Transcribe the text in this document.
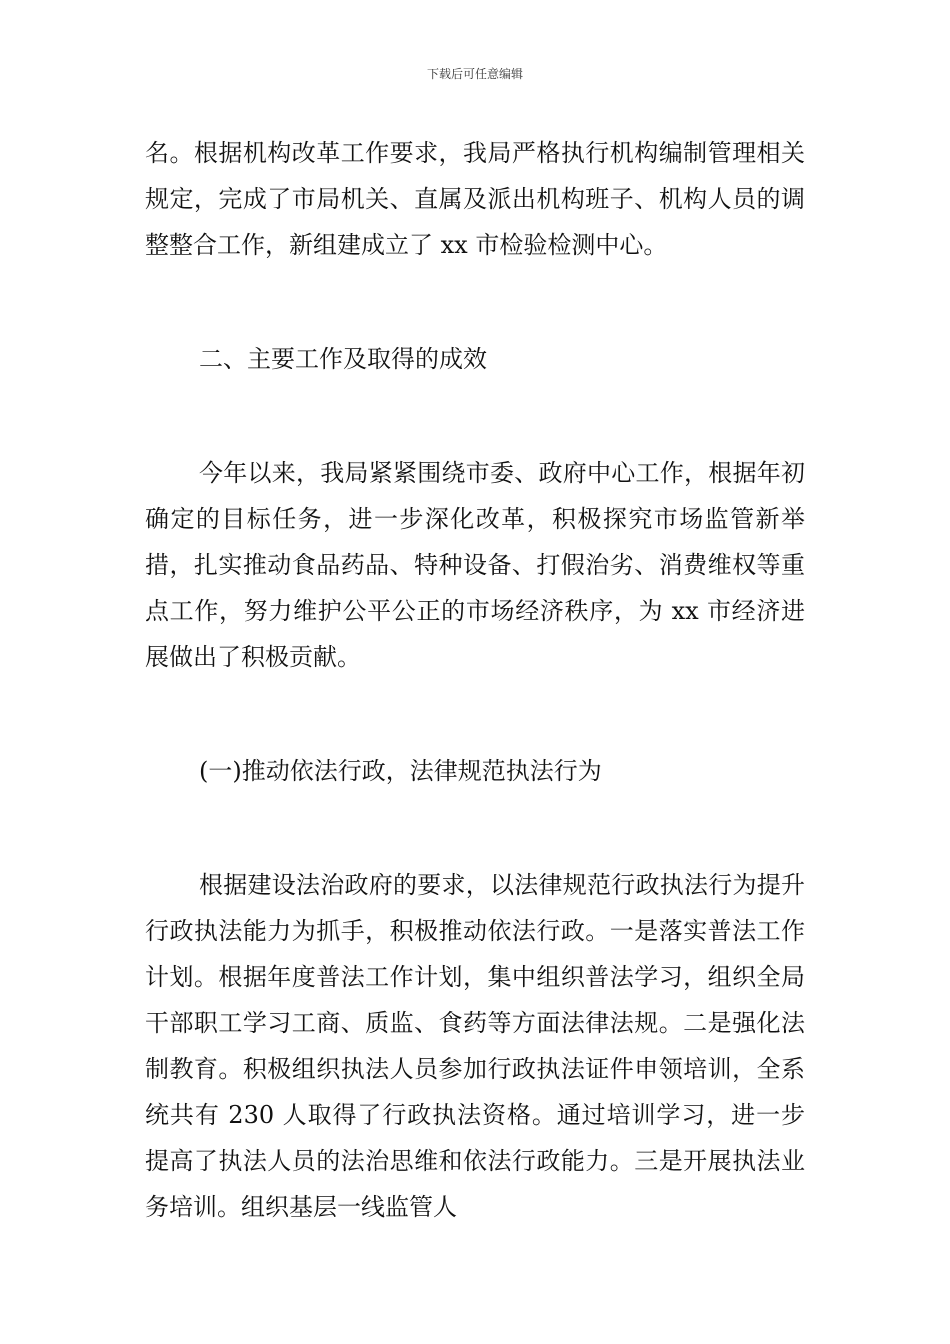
下载后可任意编辑

名。根据机构改革工作要求，我局严格执行机构编制管理相关规定，完成了市局机关、直属及派出机构班子、机构人员的调整整合工作，新组建成立了 xx 市检验检测中心。

二、主要工作及取得的成效

今年以来，我局紧紧围绕市委、政府中心工作，根据年初确定的目标任务，进一步深化改革，积极探究市场监管新举措，扎实推动食品药品、特种设备、打假治劣、消费维权等重点工作，努力维护公平公正的市场经济秩序，为 xx 市经济进展做出了积极贡献。

(一)推动依法行政，法律规范执法行为

根据建设法治政府的要求，以法律规范行政执法行为提升行政执法能力为抓手，积极推动依法行政。一是落实普法工作计划。根据年度普法工作计划，集中组织普法学习，组织全局干部职工学习工商、质监、食药等方面法律法规。二是强化法制教育。积极组织执法人员参加行政执法证件申领培训，全系统共有 230 人取得了行政执法资格。通过培训学习，进一步提高了执法人员的法治思维和依法行政能力。三是开展执法业务培训。组织基层一线监管人
